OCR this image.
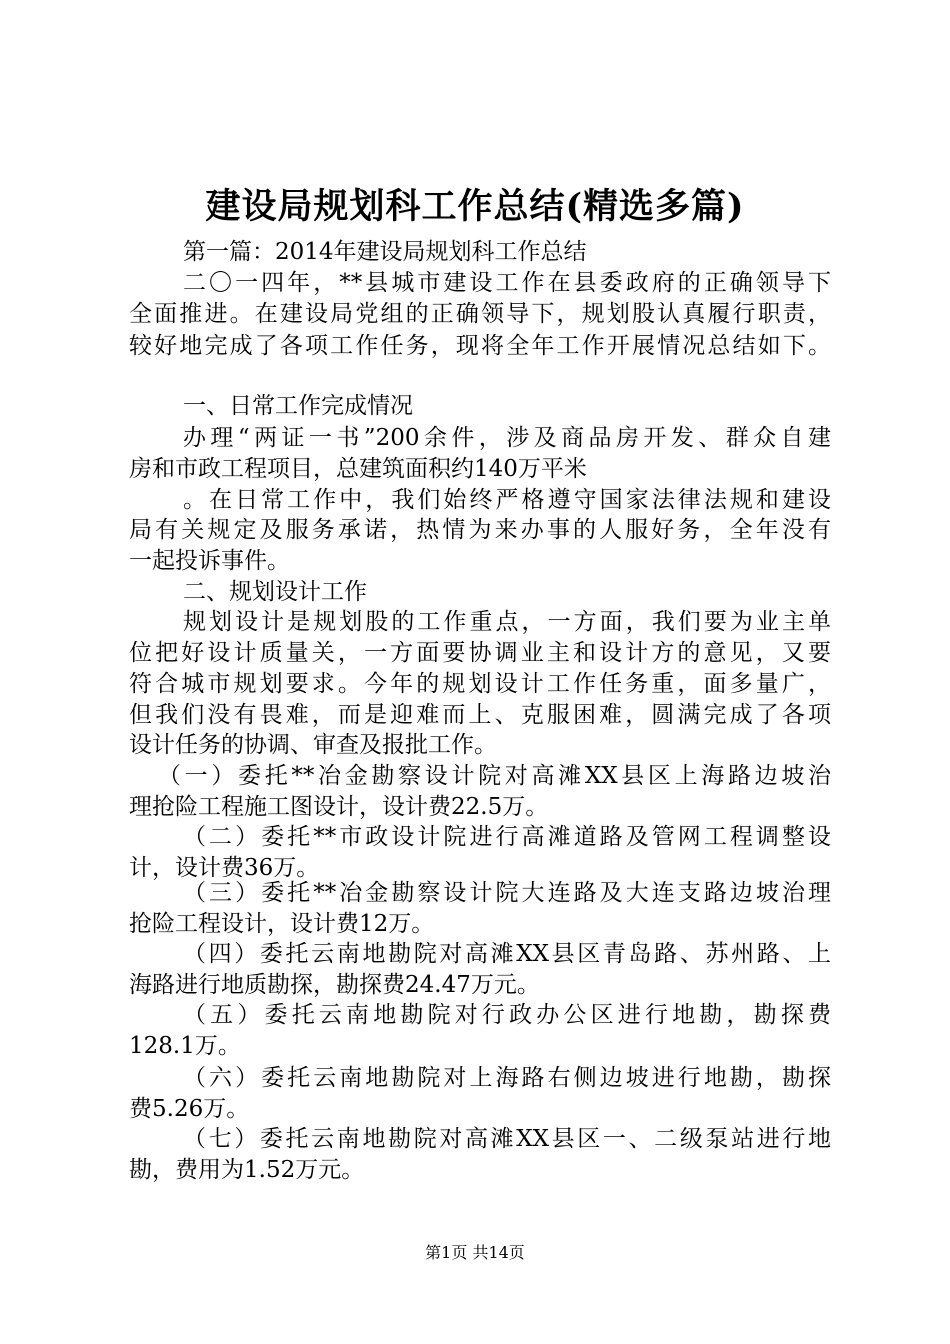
建设局规划科工作总结(精选多篇)
第一篇：2014年建设局规划科工作总结
二〇一四年，**县城市建设工作在县委政府的正确领导下
全面推进。在建设局党组的正确领导下，规划股认真履行职责，
较好地完成了各项工作任务，现将全年工作开展情况总结如下。
一、日常工作完成情况
办理“两证一书”200余件，涉及商品房开发、群众自建
房和市政工程项目，总建筑面积约140万平米
。在日常工作中，我们始终严格遵守国家法律法规和建设
局有关规定及服务承诺，热情为来办事的人服好务，全年没有
一起投诉事件。
二、规划设计工作
规划设计是规划股的工作重点，一方面，我们要为业主单
位把好设计质量关，一方面要协调业主和设计方的意见，又要
符合城市规划要求。今年的规划设计工作任务重，面多量广，
但我们没有畏难，而是迎难而上、克服困难，圆满完成了各项
设计任务的协调、审查及报批工作。
（一）委托**冶金勘察设计院对高滩XX县区上海路边坡治
理抢险工程施工图设计，设计费22.5万。
（二）委托**市政设计院进行高滩道路及管网工程调整设
计，设计费36万。
（三）委托**冶金勘察设计院大连路及大连支路边坡治理
抢险工程设计，设计费12万。
（四）委托云南地勘院对高滩XX县区青岛路、苏州路、上
海路进行地质勘探，勘探费24.47万元。
（五）委托云南地勘院对行政办公区进行地勘，勘探费
128.1万。
（六）委托云南地勘院对上海路右侧边坡进行地勘，勘探
费5.26万。
（七）委托云南地勘院对高滩XX县区一、二级泵站进行地
勘，费用为1.52万元。
第1页 共14页
